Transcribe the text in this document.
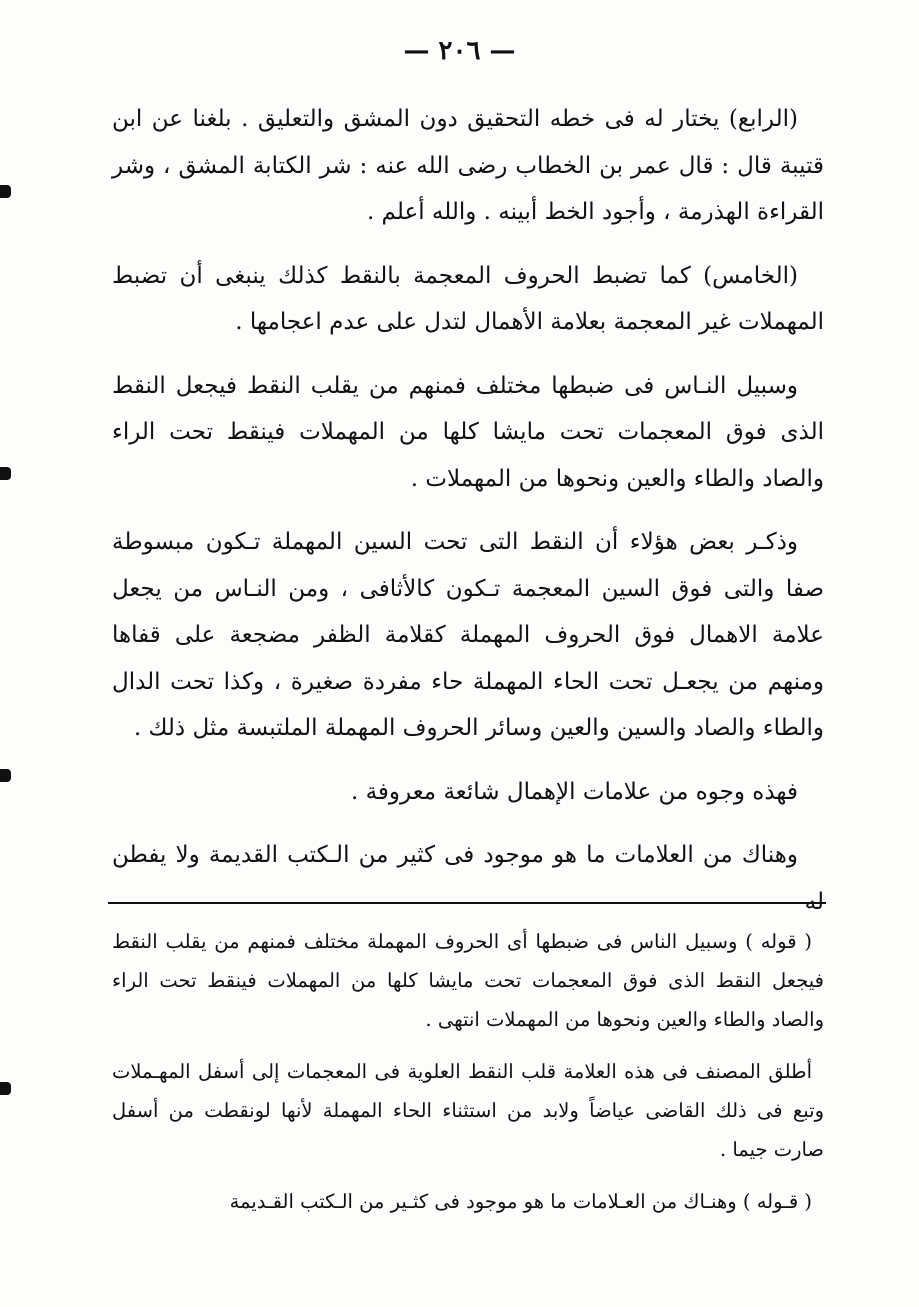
— ٢٠٦ —

(الرابع) يختار له فى خطه التحقيق دون المشق والتعليق . بلغنا عن ابن قتيبة قال : قال عمر بن الخطاب رضى الله عنه : شر الكتابة المشق ، وشر القراءة الهذرمة ، وأجود الخط أبينه . والله أعلم .

(الخامس) كما تضبط الحروف المعجمة بالنقط كذلك ينبغى أن تضبط المهملات غير المعجمة بعلامة الأهمال لتدل على عدم اعجامها .

وسبيل النـاس فى ضبطها مختلف فمنهم من يقلب النقط فيجعل النقط الذى فوق المعجمات تحت مايشا كلها من المهملات فينقط تحت الراء والصاد والطاء والعين ونحوها من المهملات .

وذكـر بعض هؤلاء أن النقط التى تحت السين المهملة تـكون مبسوطة صفا والتى فوق السين المعجمة تـكون كالأثافى ، ومن النـاس من يجعل علامة الاهمال فوق الحروف المهملة كقلامة الظفر مضجعة على قفاها ومنهم من يجعـل تحت الحاء المهملة حاء مفردة صغيرة ، وكذا تحت الدال والطاء والصاد والسين والعين وسائر الحروف المهملة الملتبسة مثل ذلك .

فهذه وجوه من علامات الإهمال شائعة معروفة .

وهناك من العلامات ما هو موجود فى كثير من الـكتب القديمة ولا يفطن له

( قوله ) وسبيل الناس فى ضبطها أى الحروف المهملة مختلف فمنهم من يقلب النقط فيجعل النقط الذى فوق المعجمات تحت مايشا كلها من المهملات فينقط تحت الراء والصاد والطاء والعين ونحوها من المهملات انتهى .

أطلق المصنف فى هذه العلامة قلب النقط العلوية فى المعجمات إلى أسفل المهـملات وتبع فى ذلك القاضى عياضاً ولابد من استثناء الحاء المهملة لأنها لونقطت من أسفل صارت جيما .

( قـوله ) وهنـاك من العـلامات ما هو موجود فى كثـير من الـكتب القـديمة
